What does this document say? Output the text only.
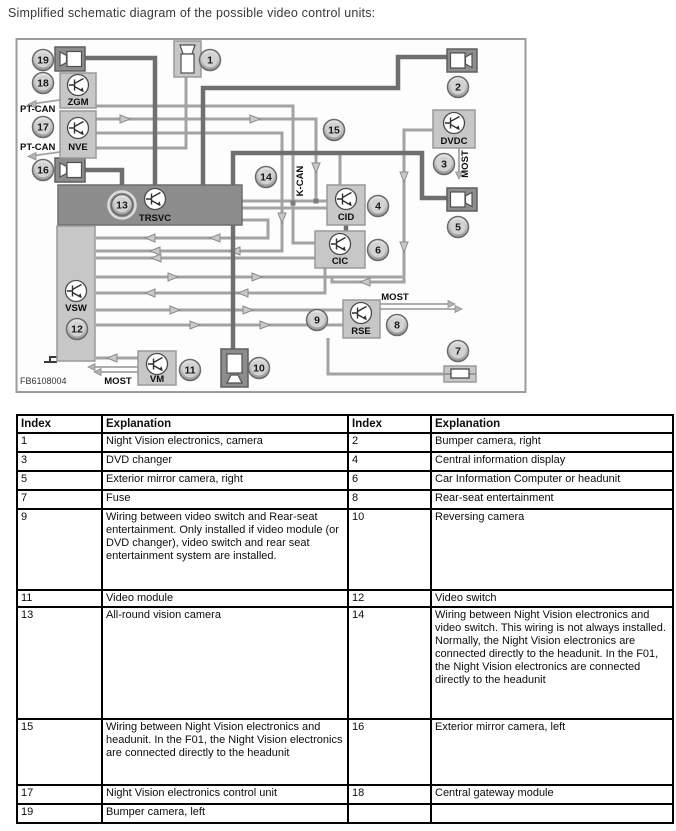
Simplified schematic diagram of the possible video control units:
ZGM
NVE
TRSVC
VSW
VM
DVDC
CID
CIC
RSE
PT-CAN
PT-CAN
K-CAN
MOST
MOST
MOST
FB6108004
1
2
3
4
5
6
7
8
9
10
11
12
13
14
15
16
17
18
19
Index	Explanation	Index	Explanation
1	Night Vision electronics, camera	2	Bumper camera, right
3	DVD changer	4	Central information display
5	Exterior mirror camera, right	6	Car Information Computer or headunit
7	Fuse	8	Rear-seat entertainment
9	Wiring between video switch and Rear-seat entertainment. Only installed if video module (or DVD changer), video switch and rear seat entertainment system are installed.	10	Reversing camera
11	Video module	12	Video switch
13	All-round vision camera	14	Wiring between Night Vision electronics and video switch. This wiring is not always installed. Normally, the Night Vision electronics are connected directly to the headunit. In the F01, the Night Vision electronics are connected directly to the headunit
15	Wiring between Night Vision electronics and headunit. In the F01, the Night Vision electronics are connected directly to the headunit	16	Exterior mirror camera, left
17	Night Vision electronics control unit	18	Central gateway module
19	Bumper camera, left		
